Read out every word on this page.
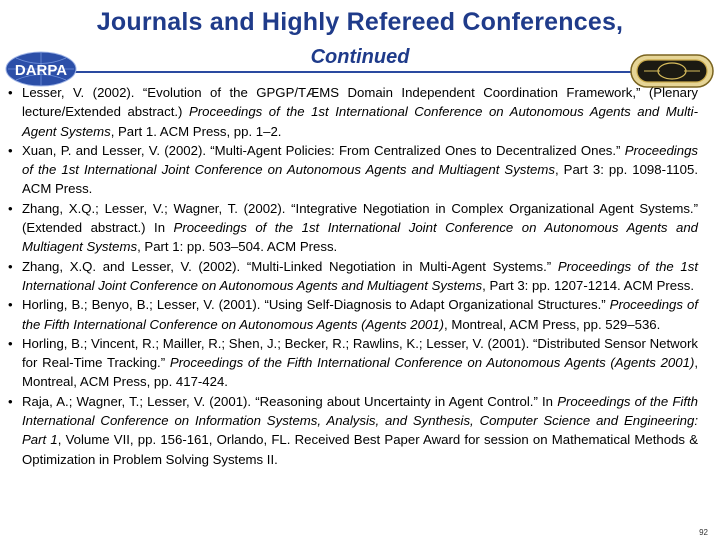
Journals and Highly Refereed Conferences,
Continued
DARPA
• Lesser, V. (2002). “Evolution of the GPGP/TÆMS Domain Independent Coordination Framework,” (Plenary lecture/Extended abstract.) Proceedings of the 1st International Conference on Autonomous Agents and Multi-Agent Systems, Part 1. ACM Press, pp. 1–2.
• Xuan, P. and Lesser, V. (2002). “Multi-Agent Policies: From Centralized Ones to Decentralized Ones.” Proceedings of the 1st International Joint Conference on Autonomous Agents and Multiagent Systems, Part 3: pp. 1098-1105. ACM Press.
• Zhang, X.Q.; Lesser, V.; Wagner, T. (2002). “Integrative Negotiation in Complex Organizational Agent Systems.” (Extended abstract.) In Proceedings of the 1st International Joint Conference on Autonomous Agents and Multiagent Systems, Part 1: pp. 503–504. ACM Press.
• Zhang, X.Q. and Lesser, V. (2002). “Multi-Linked Negotiation in Multi-Agent Systems.” Proceedings of the 1st International Joint Conference on Autonomous Agents and Multiagent Systems, Part 3: pp. 1207-1214. ACM Press.
• Horling, B.; Benyo, B.; Lesser, V. (2001). “Using Self-Diagnosis to Adapt Organizational Structures.” Proceedings of the Fifth International Conference on Autonomous Agents (Agents 2001), Montreal, ACM Press, pp. 529–536.
• Horling, B.; Vincent, R.; Mailler, R.; Shen, J.; Becker, R.; Rawlins, K.; Lesser, V. (2001). “Distributed Sensor Network for Real-Time Tracking.” Proceedings of the Fifth International Conference on Autonomous Agents (Agents 2001), Montreal, ACM Press, pp. 417-424.
• Raja, A.; Wagner, T.; Lesser, V. (2001). “Reasoning about Uncertainty in Agent Control.” In Proceedings of the Fifth International Conference on Information Systems, Analysis, and Synthesis, Computer Science and Engineering: Part 1, Volume VII, pp. 156-161, Orlando, FL. Received Best Paper Award for session on Mathematical Methods & Optimization in Problem Solving Systems II.
92
